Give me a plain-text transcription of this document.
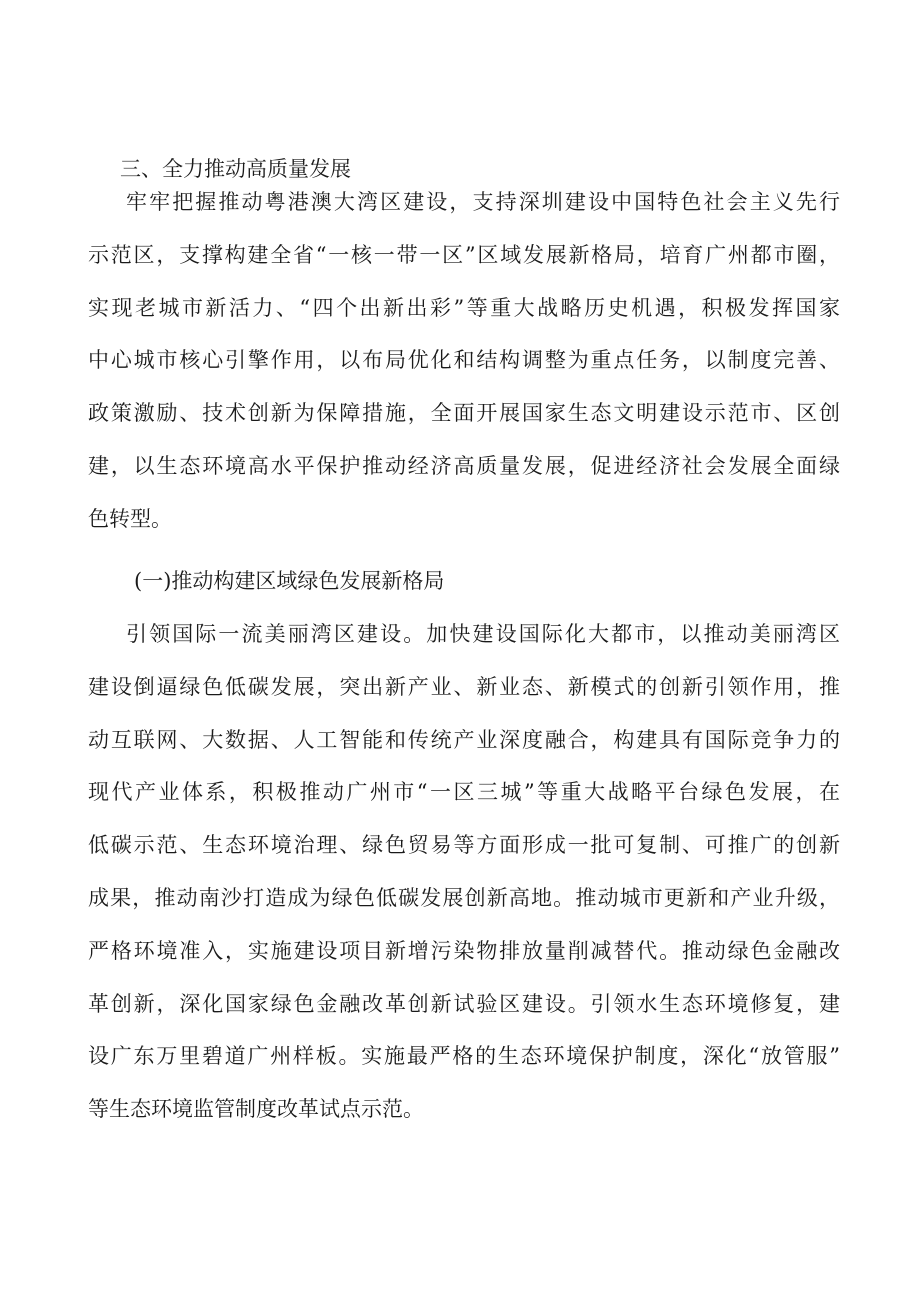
三、全力推动高质量发展
牢牢把握推动粤港澳大湾区建设，支持深圳建设中国特色社会主义先行
示范区，支撑构建全省“一核一带一区”区域发展新格局，培育广州都市圈，
实现老城市新活力、“四个出新出彩”等重大战略历史机遇，积极发挥国家
中心城市核心引擎作用，以布局优化和结构调整为重点任务，以制度完善、
政策激励、技术创新为保障措施，全面开展国家生态文明建设示范市、区创
建，以生态环境高水平保护推动经济高质量发展，促进经济社会发展全面绿
色转型。
(一)推动构建区域绿色发展新格局
引领国际一流美丽湾区建设。加快建设国际化大都市，以推动美丽湾区
建设倒逼绿色低碳发展，突出新产业、新业态、新模式的创新引领作用，推
动互联网、大数据、人工智能和传统产业深度融合，构建具有国际竞争力的
现代产业体系，积极推动广州市“一区三城”等重大战略平台绿色发展，在
低碳示范、生态环境治理、绿色贸易等方面形成一批可复制、可推广的创新
成果，推动南沙打造成为绿色低碳发展创新高地。推动城市更新和产业升级，
严格环境准入，实施建设项目新增污染物排放量削减替代。推动绿色金融改
革创新，深化国家绿色金融改革创新试验区建设。引领水生态环境修复，建
设广东万里碧道广州样板。实施最严格的生态环境保护制度，深化“放管服”
等生态环境监管制度改革试点示范。
